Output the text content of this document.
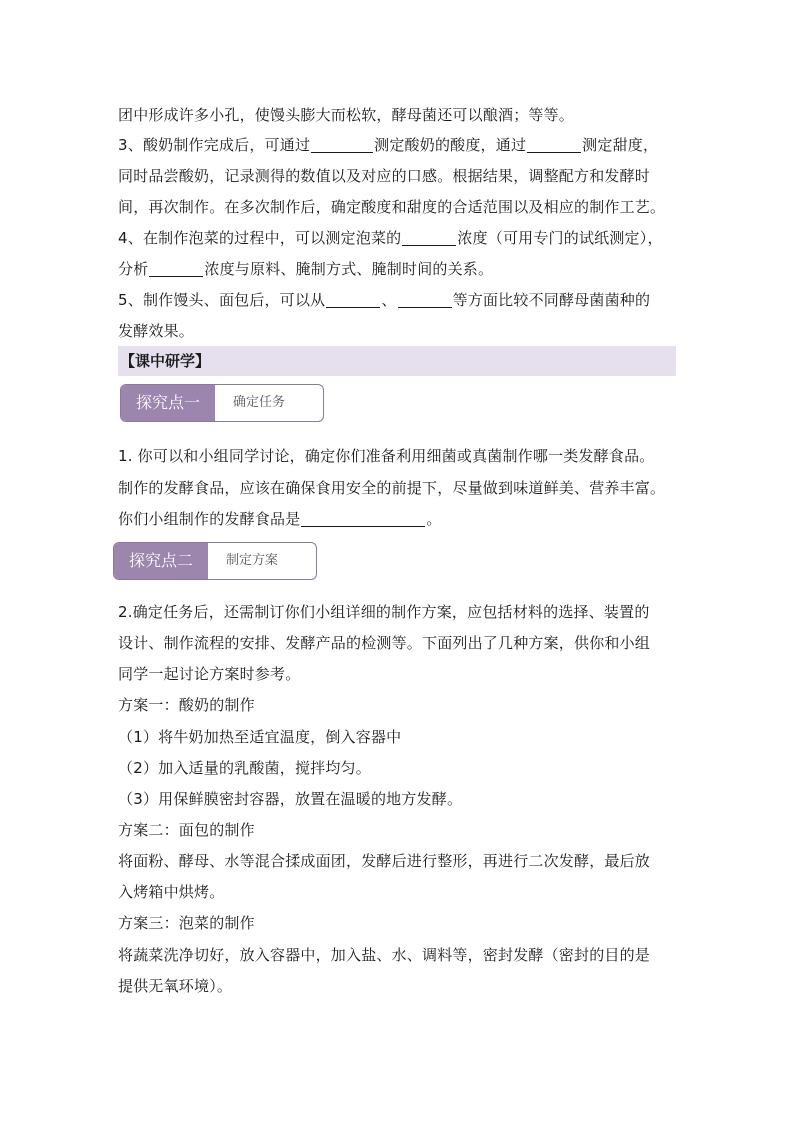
团中形成许多小孔，使馒头膨大而松软，酵母菌还可以酿酒；等等。
3、酸奶制作完成后，可通过	测定酸奶的酸度，通过	测定甜度，
同时品尝酸奶，记录测得的数值以及对应的口感。根据结果，调整配方和发酵时
间，再次制作。在多次制作后，确定酸度和甜度的合适范围以及相应的制作工艺。
4、在制作泡菜的过程中，可以测定泡菜的	浓度（可用专门的试纸测定），
分析	浓度与原料、腌制方式、腌制时间的关系。
5、制作馒头、面包后，可以从	、	等方面比较不同酵母菌菌种的
发酵效果。
【课中研学】
探究点一	确定任务
1. 你可以和小组同学讨论，确定你们准备利用细菌或真菌制作哪一类发酵食品。
制作的发酵食品，应该在确保食用安全的前提下，尽量做到味道鲜美、营养丰富。
你们小组制作的发酵食品是	。
探究点二	制定方案
2.确定任务后，还需制订你们小组详细的制作方案，应包括材料的选择、装置的
设计、制作流程的安排、发酵产品的检测等。下面列出了几种方案，供你和小组
同学一起讨论方案时参考。
方案一：酸奶的制作
（1）将牛奶加热至适宜温度，倒入容器中
（2）加入适量的乳酸菌，搅拌均匀。
（3）用保鲜膜密封容器，放置在温暖的地方发酵。
方案二：面包的制作
将面粉、酵母、水等混合揉成面团，发酵后进行整形，再进行二次发酵，最后放
入烤箱中烘烤。
方案三：泡菜的制作
将蔬菜洗净切好，放入容器中，加入盐、水、调料等，密封发酵（密封的目的是
提供无氧环境）。
